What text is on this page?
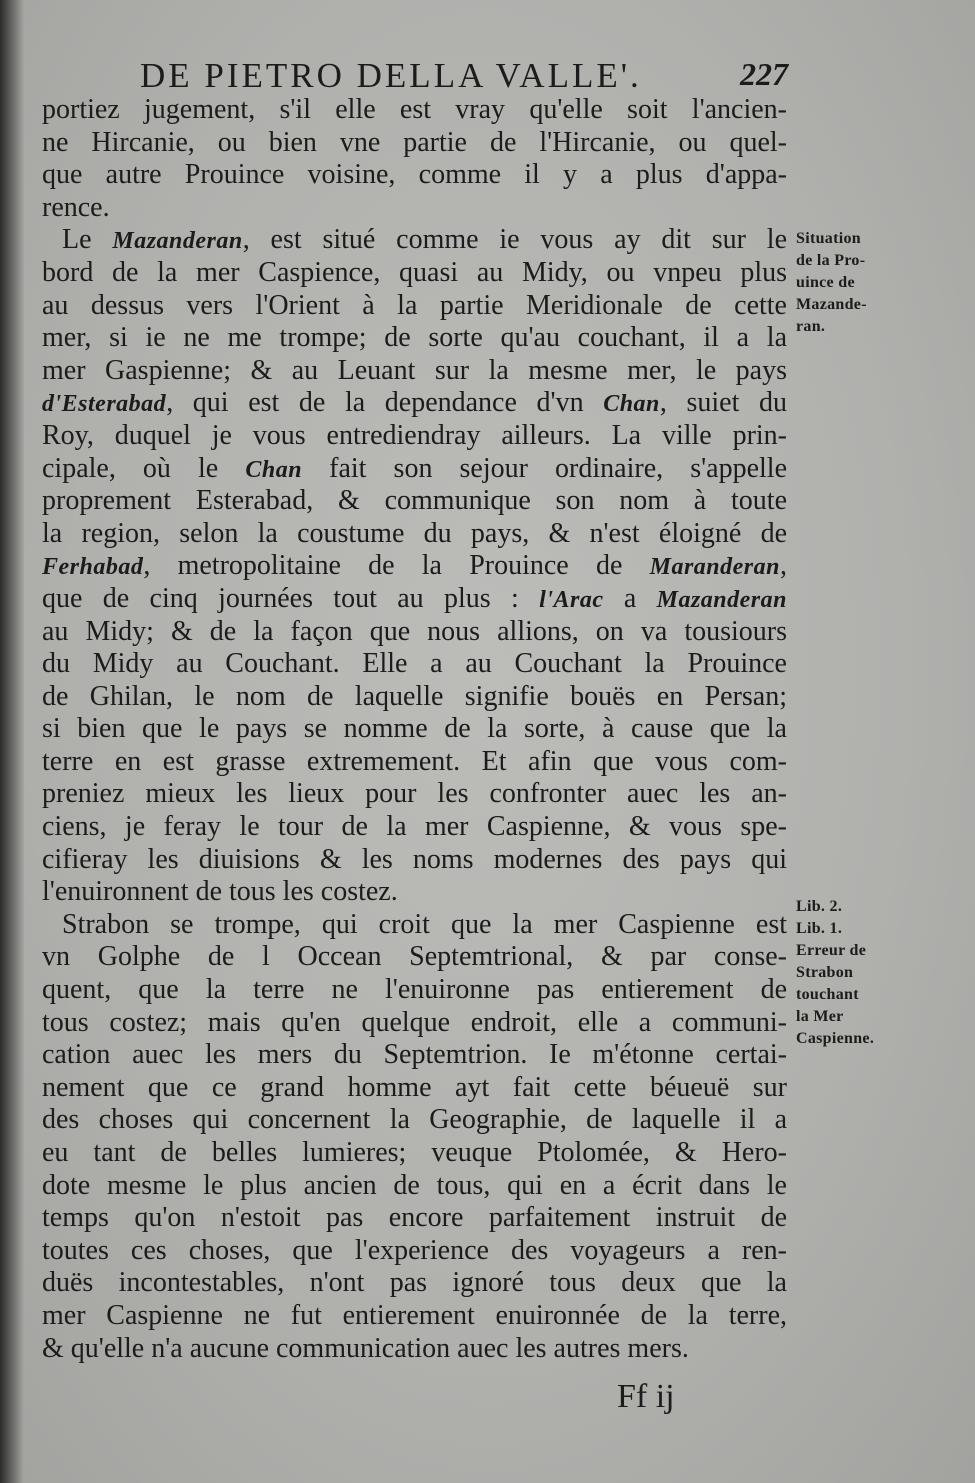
DE PIETRO DELLA VALLE'.	227
portiez jugement, s'il elle est vray qu'elle soit l'ancien-
ne Hircanie, ou bien vne partie de l'Hircanie, ou quel-
que autre Prouince voisine, comme il y a plus d'appa-
rence.
Le Mazanderan, est situé comme ie vous ay dit sur le
bord de la mer Caspience, quasi au Midy, ou vnpeu plus
au dessus vers l'Orient à la partie Meridionale de cette
mer, si ie ne me trompe; de sorte qu'au couchant, il a la
mer Gaspienne; & au Leuant sur la mesme mer, le pays
d'Esterabad, qui est de la dependance d'vn Chan, suiet du
Roy, duquel je vous entrediendray ailleurs. La ville prin-
cipale, où le Chan fait son sejour ordinaire, s'appelle
proprement Esterabad, & communique son nom à toute
la region, selon la coustume du pays, & n'est éloigné de
Ferhabad, metropolitaine de la Prouince de Maranderan,
que de cinq journées tout au plus : l'Arac a Mazanderan
au Midy; & de la façon que nous allions, on va tousiours
du Midy au Couchant. Elle a au Couchant la Prouince
de Ghilan, le nom de laquelle signifie bouës en Persan;
si bien que le pays se nomme de la sorte, à cause que la
terre en est grasse extremement. Et afin que vous com-
preniez mieux les lieux pour les confronter auec les an-
ciens, je feray le tour de la mer Caspienne, & vous spe-
cifieray les diuisions & les noms modernes des pays qui
l'enuironnent de tous les costez.
Strabon se trompe, qui croit que la mer Caspienne est
vn Golphe de l Occean Septemtrional, & par conse-
quent, que la terre ne l'enuironne pas entierement de
tous costez; mais qu'en quelque endroit, elle a communi-
cation auec les mers du Septemtrion. Ie m'étonne certai-
nement que ce grand homme ayt fait cette béueuë sur
des choses qui concernent la Geographie, de laquelle il a
eu tant de belles lumieres; veuque Ptolomée, & Hero-
dote mesme le plus ancien de tous, qui en a écrit dans le
temps qu'on n'estoit pas encore parfaitement instruit de
toutes ces choses, que l'experience des voyageurs a ren-
duës incontestables, n'ont pas ignoré tous deux que la
mer Caspienne ne fut entierement enuironnée de la terre,
& qu'elle n'a aucune communication auec les autres mers.
Situation
de la Pro-
uince de
Mazande-
ran.
Lib. 2.
Lib. 1.
Erreur de
Strabon
touchant
la Mer
Caspienne.
Ff ij
